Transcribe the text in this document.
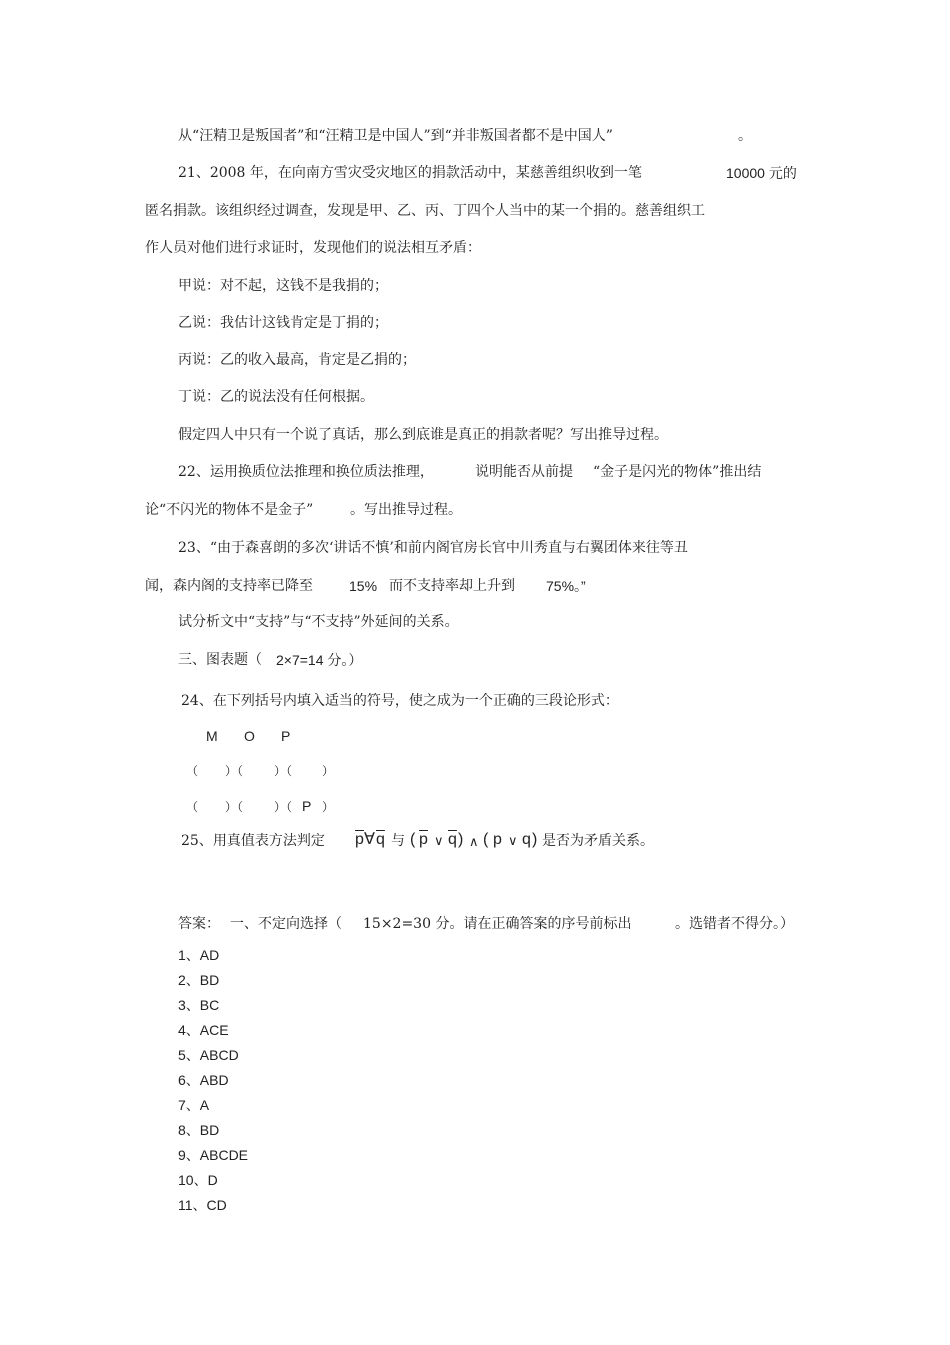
从“汪精卫是叛国者”和“汪精卫是中国人”到“并非叛国者都不是中国人”	。
21、2008 年，在向南方雪灾受灾地区的捐款活动中，某慈善组织收到一笔	10000 元的
匿名捐款。该组织经过调查，发现是甲、乙、丙、丁四个人当中的某一个捐的。慈善组织工
作人员对他们进行求证时，发现他们的说法相互矛盾：
甲说：对不起，这钱不是我捐的；
乙说：我估计这钱肯定是丁捐的；
丙说：乙的收入最高，肯定是乙捐的；
丁说：乙的说法没有任何根据。
假定四人中只有一个说了真话，那么到底谁是真正的捐款者呢？写出推导过程。
22、运用换质位法推理和换位质法推理，	说明能否从前提 “金子是闪光的物体”推出结
论“不闪光的物体不是金子”	。写出推导过程。
23、“由于森喜朗的多次‘讲话不慎’和前内阁官房长官中川秀直与右翼团体来往等丑
闻，森内阁的支持率已降至	15% 而不支持率却上升到 75%。”
试分析文中“支持”与“不支持”外延间的关系。
三、图表题（ 2×7=14 分。）
24、在下列括号内填入适当的符号，使之成为一个正确的三段论形式：
M O P
（ ）（	）（ ）
（ ）（	）（ P ）
25、用真值表方法判定 $\overline{p}$ ∀ $\overline{q}$ 与 ( $\overline{p}$ ∨ $\overline{q}$ ) ∧ ( p ∨ q ) 是否为矛盾关系。
答案： 一、不定向选择（ 15×2=30 分。请在正确答案的序号前标出	。选错者不得分。）
1、AD
2、BD
3、BC
4、ACE
5、ABCD
6、ABD
7、A
8、BD
9、ABCDE
10、D
11、CD
